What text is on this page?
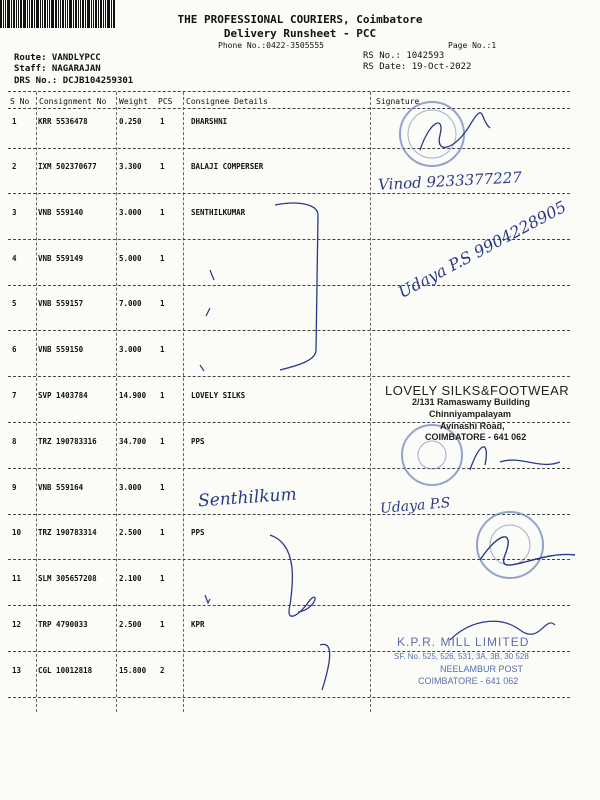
THE PROFESSIONAL COURIERS, Coimbatore
Delivery Runsheet - PCC
Phone No.:0422-3505555	Page No.:1
Route: VANDLYPCC
Staff: NAGARAJAN
DRS No.: DCJB104259301
RS No.: 1042593
RS Date: 19-Oct-2022
S No Consignment No Weight PCS Consignee Details	Signature
1	KRR 5536478	0.250 1	DHARSHNI
2	IXM 502370677	3.300 1	BALAJI COMPERSER
3	VNB 559140	3.000 1	SENTHILKUMAR
4	VNB 559149	5.000 1
5	VNB 559157	7.000 1
6	VNB 559150	3.000 1
7	SVP 1403784	14.900 1	LOVELY SILKS
8	TRZ 190783316	34.700 1	PPS
9	VNB 559164	3.000 1
10 TRZ 190783314	2.500 1	PPS
11 SLM 305657208	2.100 1
12 TRP 4790033	2.500 1	KPR
13 CGL 10012818	15.800 2
Vinod 9233377227
Udaya P.S 9904228905
Senthilkum	Udaya P.S
LOVELY SILKS&FOOTWEAR
2/131 Ramaswamy Building
Chinniyampalayam
Avinashi Road,
COIMBATORE - 641 062
K.P.R. MILL LIMITED
SF. No. 525, 526, 531, 3A, 3B, 30 528
NEELAMBUR POST
COIMBATORE - 641 062
